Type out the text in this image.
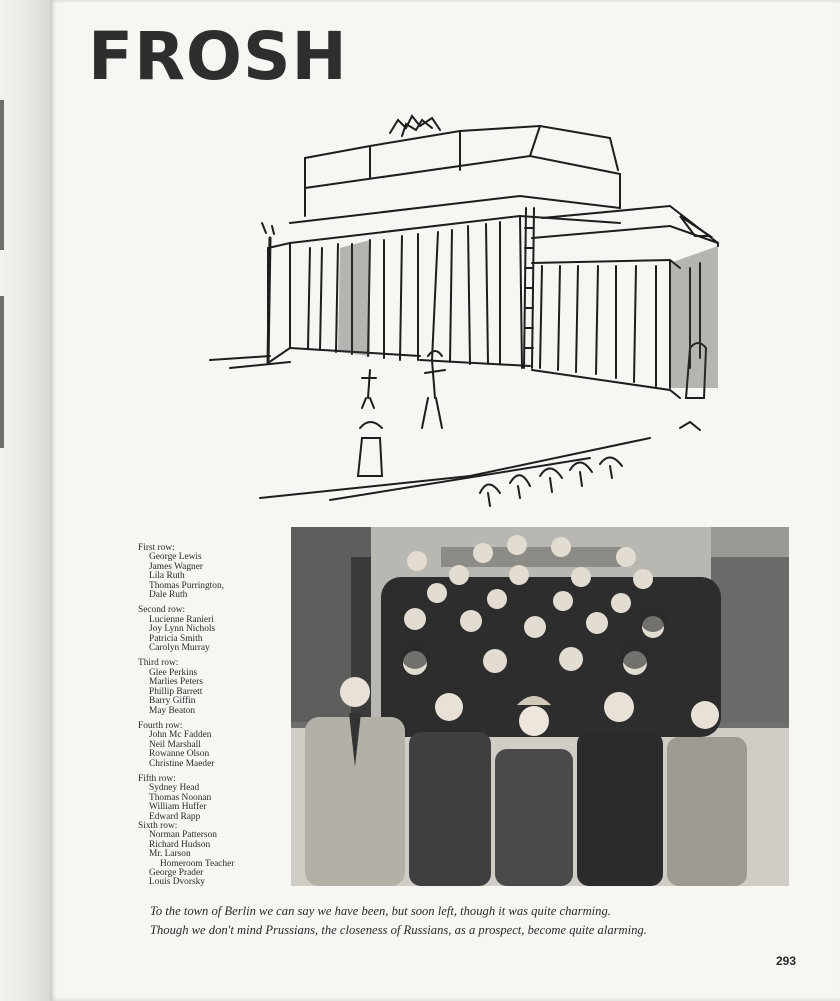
FROSH
First row:
George Lewis
James Wagner
Lila Ruth
Thomas Purrington,
Dale Ruth
Second row:
Lucienne Ranieri
Joy Lynn Nichols
Patricia Smith
Carolyn Murray
Third row:
Glee Perkins
Marlies Peters
Phillip Barrett
Barry Giffin
May Beaton
Fourth row:
John Mc Fadden
Neil Marshall
Rowanne Olson
Christine Maeder
Fifth row:
Sydney Head
Thomas Noonan
William Huffer
Edward Rapp
Sixth row:
Norman Patterson
Richard Hudson
Mr. Larson
Homeroom Teacher
George Prader
Louis Dvorsky
To the town of Berlin we can say we have been, but soon left, though it was quite charming.
Though we don't mind Prussians, the closeness of Russians, as a prospect, become quite alarming.
293
